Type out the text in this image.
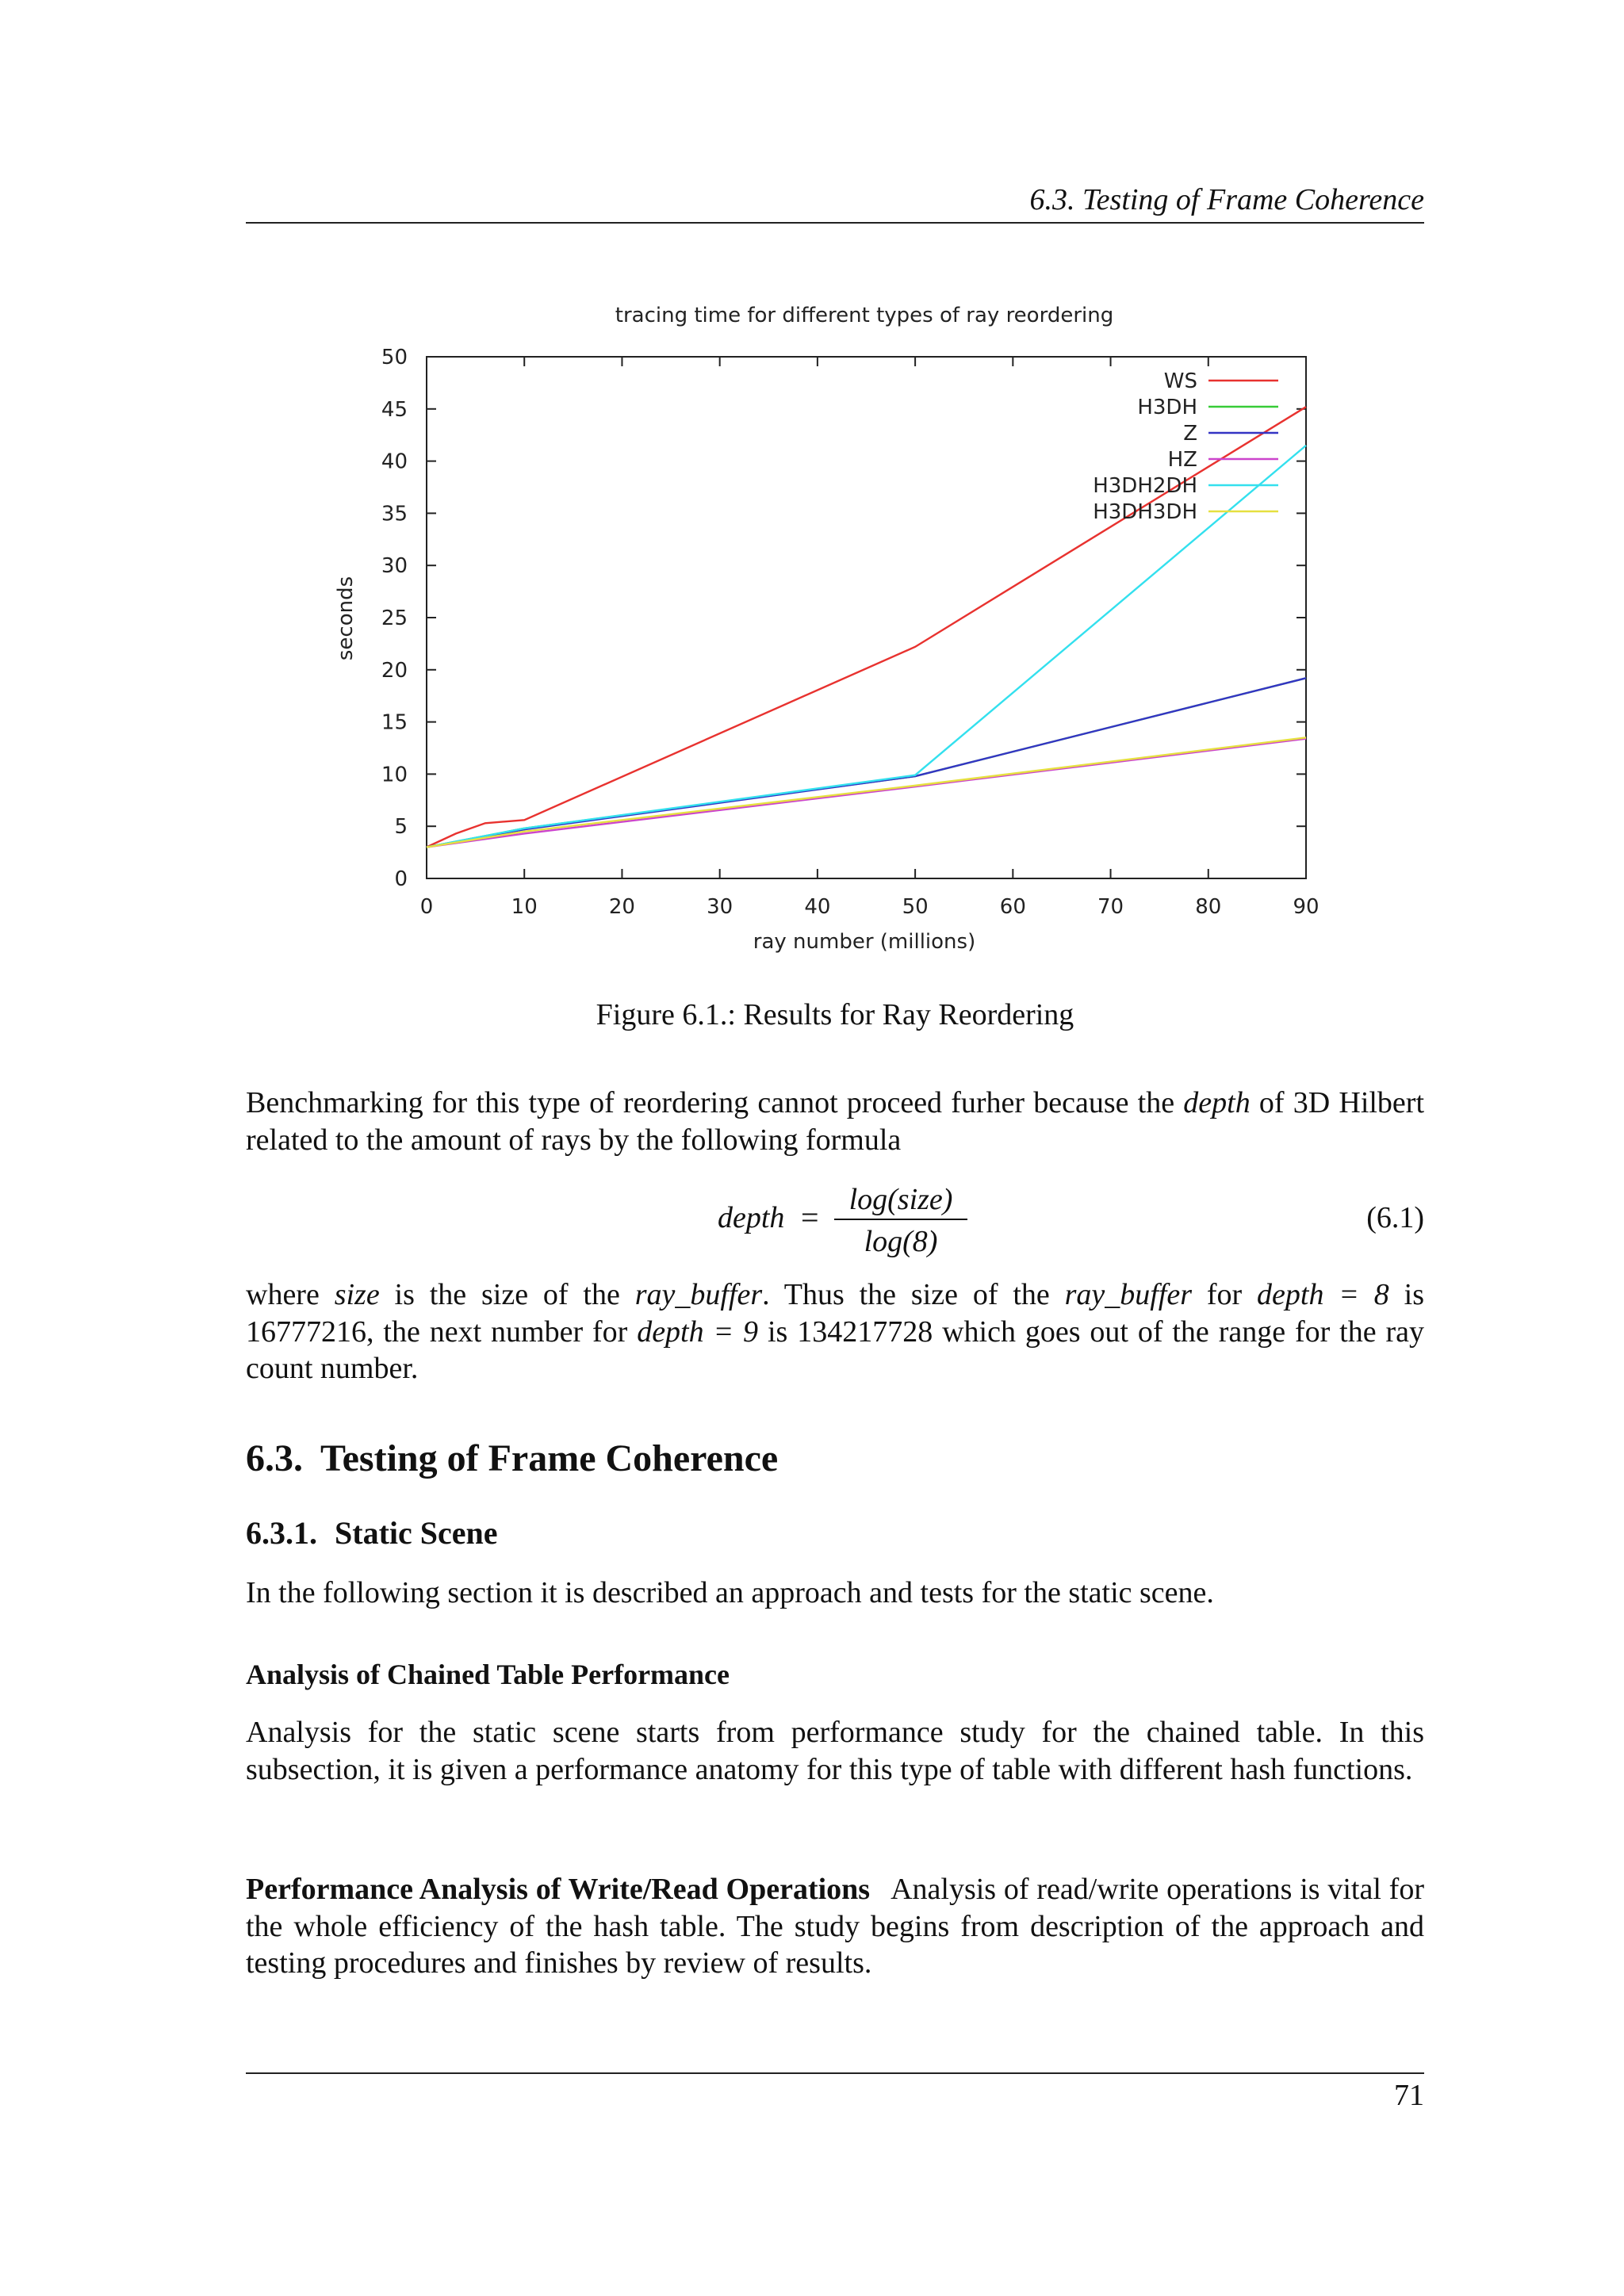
6.3. Testing of Frame Coherence
tracing time for different types of ray reordering
0	10	20	30	40	50	60	70	80	90
0
5
10
15
20
25
30
35
40
45
50
WS
H3DH
Z
HZ
H3DH2DH
H3DH3DH
ray number (millions)
seconds
Figure 6.1.: Results for Ray Reordering
Benchmarking for this type of reordering cannot proceed furher because the depth of 3D Hilbert related to the amount of rays by the following formula
depth =	log(size)
log(8)
(6.1)
where size is the size of the ray_buffer. Thus the size of the ray_buffer for depth = 8 is 16777216, the next number for depth = 9 is 134217728 which goes out of the range for the ray count number.
6.3. Testing of Frame Coherence
6.3.1. Static Scene
In the following section it is described an approach and tests for the static scene.
Analysis of Chained Table Performance
Analysis for the static scene starts from performance study for the chained table. In this subsection, it is given a performance anatomy for this type of table with different hash functions.
Performance Analysis of Write/Read Operations Analysis of read/write operations is vital for the whole efficiency of the hash table. The study begins from description of the approach and testing procedures and finishes by review of results.
71
